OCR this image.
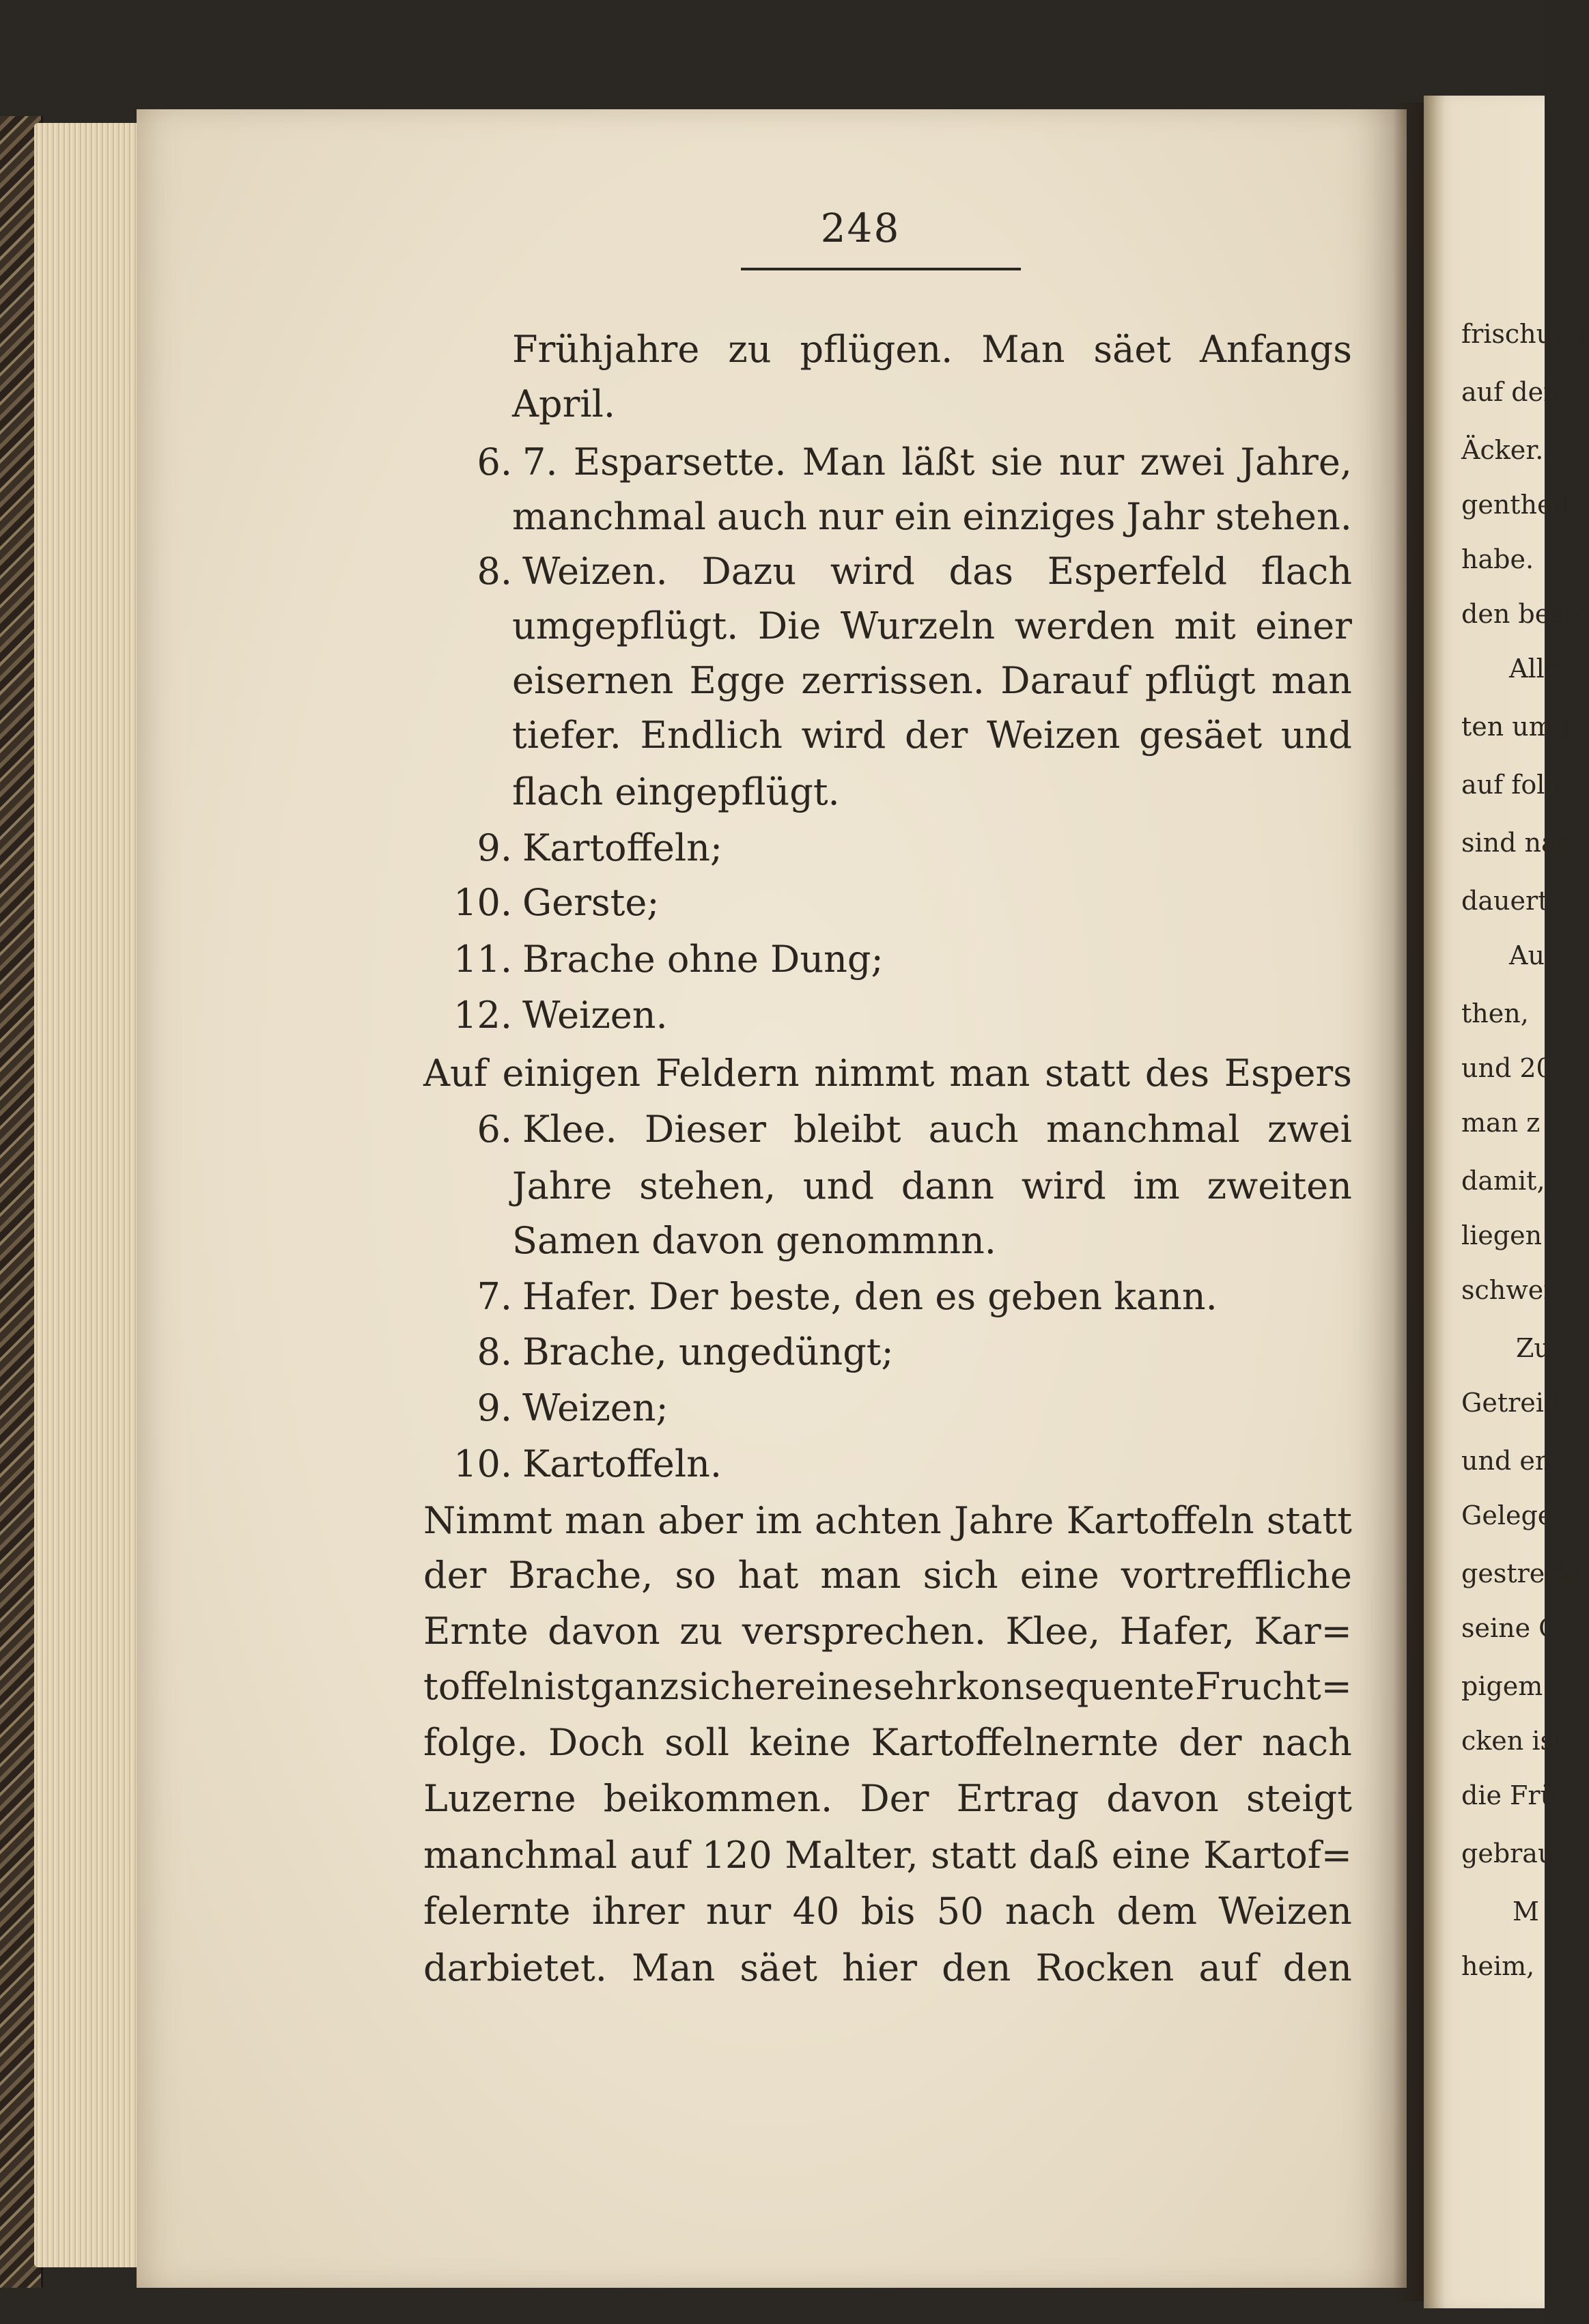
248
6.
8.
9.
10.
11.
12.
6.
7.
8.
9.
10.
Frühjahre zu pflügen. Man säet Anfangs
April.
7. Esparsette. Man läßt sie nur zwei Jahre,
manchmal auch nur ein einziges Jahr stehen.
Weizen. Dazu wird das Esperfeld flach
umgepflügt. Die Wurzeln werden mit einer
eisernen Egge zerrissen. Darauf pflügt man
tiefer. Endlich wird der Weizen gesäet und
flach eingepflügt.
Kartoffeln;
Gerste;
Brache ohne Dung;
Weizen.
Auf einigen Feldern nimmt man statt des Espers
Klee. Dieser bleibt auch manchmal zwei
Jahre stehen, und dann wird im zweiten
Samen davon genommnn.
Hafer. Der beste, den es geben kann.
Brache, ungedüngt;
Weizen;
Kartoffeln.
Nimmt man aber im achten Jahre Kartoffeln statt
der Brache, so hat man sich eine vortreffliche
Ernte davon zu versprechen. Klee, Hafer, Kar=
toffeln ist ganz sicher eine sehr konsequente Frucht=
folge. Doch soll keine Kartoffelnernte der nach
Luzerne beikommen. Der Ertrag davon steigt
manchmal auf 120 Malter, statt daß eine Kartof=
felernte ihrer nur 40 bis 50 nach dem Weizen
darbietet. Man säet hier den Rocken auf den
frischung
auf den
Äcker.
gentheil
habe.
den beste
Alle
ten umge
auf folgt
sind nac
dauert
Au
then,
und 20
man z
damit,
liegen
schwer,
Zu
Getreid
und en
Gelege
gestreckt
seine G
pigem
cken ist
die Frü
gebrauc
M
heim,
